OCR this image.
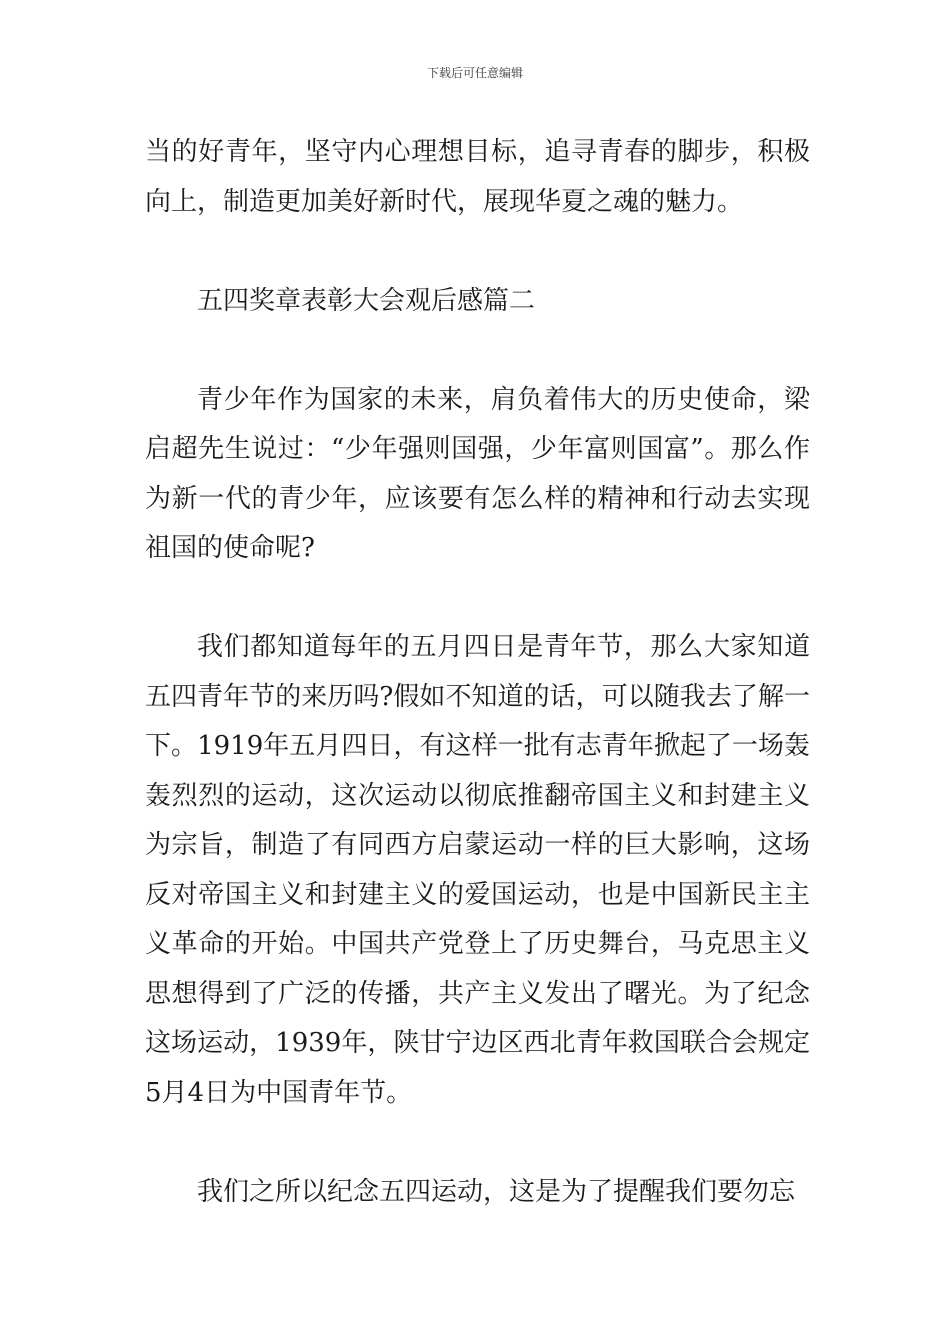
下载后可任意编辑

当的好青年，坚守内心理想目标，追寻青春的脚步，积极向上，制造更加美好新时代，展现华夏之魂的魅力。

五四奖章表彰大会观后感篇二

青少年作为国家的未来，肩负着伟大的历史使命，梁启超先生说过：“少年强则国强，少年富则国富”。那么作为新一代的青少年，应该要有怎么样的精神和行动去实现祖国的使命呢?

我们都知道每年的五月四日是青年节，那么大家知道五四青年节的来历吗?假如不知道的话，可以随我去了解一下。1919年五月四日，有这样一批有志青年掀起了一场轰轰烈烈的运动，这次运动以彻底推翻帝国主义和封建主义为宗旨，制造了有同西方启蒙运动一样的巨大影响，这场反对帝国主义和封建主义的爱国运动，也是中国新民主主义革命的开始。中国共产党登上了历史舞台，马克思主义思想得到了广泛的传播，共产主义发出了曙光。为了纪念这场运动，1939年，陕甘宁边区西北青年救国联合会规定5月4日为中国青年节。

我们之所以纪念五四运动，这是为了提醒我们要勿忘
